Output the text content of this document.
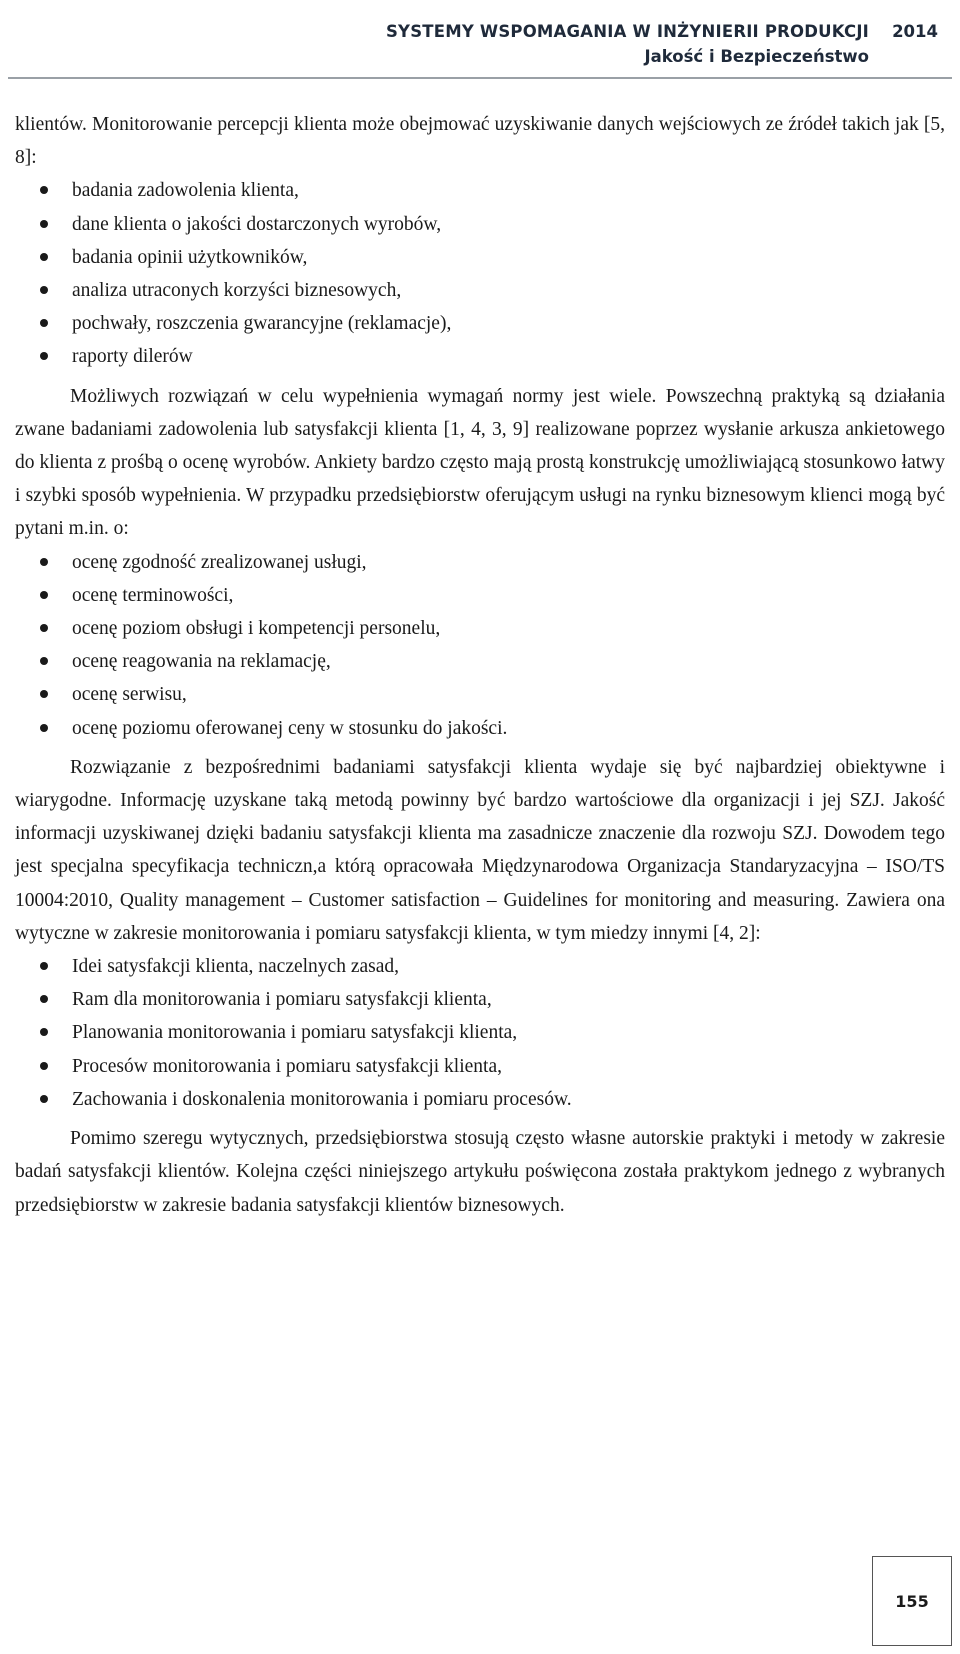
SYSTEMY WSPOMAGANIA W INŻYNIERII PRODUKCJI 2014
Jakość i Bezpieczeństwo

klientów. Monitorowanie percepcji klienta może obejmować uzyskiwanie danych wejściowych ze źródeł takich jak [5, 8]:

badania zadowolenia klienta,
dane klienta o jakości dostarczonych wyrobów,
badania opinii użytkowników,
analiza utraconych korzyści biznesowych,
pochwały, roszczenia gwarancyjne (reklamacje),
raporty dilerów

Możliwych rozwiązań w celu wypełnienia wymagań normy jest wiele. Powszechną praktyką są działania zwane badaniami zadowolenia lub satysfakcji klienta [1, 4, 3, 9] realizowane poprzez wysłanie arkusza ankietowego do klienta z prośbą o ocenę wyrobów. Ankiety bardzo często mają prostą konstrukcję umożliwiającą stosunkowo łatwy i szybki sposób wypełnienia. W przypadku przedsiębiorstw oferującym usługi na rynku biznesowym klienci mogą być pytani m.in. o:

ocenę zgodność zrealizowanej usługi,
ocenę terminowości,
ocenę poziom obsługi i kompetencji personelu,
ocenę reagowania na reklamację,
ocenę serwisu,
ocenę poziomu oferowanej ceny w stosunku do jakości.

Rozwiązanie z bezpośrednimi badaniami satysfakcji klienta wydaje się być najbardziej obiektywne i wiarygodne. Informację uzyskane taką metodą powinny być bardzo wartościowe dla organizacji i jej SZJ. Jakość informacji uzyskiwanej dzięki badaniu satysfakcji klienta ma zasadnicze znaczenie dla rozwoju SZJ. Dowodem tego jest specjalna specyfikacja techniczn,a którą opracowała Międzynarodowa Organizacja Standaryzacyjna – ISO/TS 10004:2010, Quality management – Customer satisfaction – Guidelines for monitoring and measuring. Zawiera ona wytyczne w zakresie monitorowania i pomiaru satysfakcji klienta, w tym miedzy innymi [4, 2]:

Idei satysfakcji klienta, naczelnych zasad,
Ram dla monitorowania i pomiaru satysfakcji klienta,
Planowania monitorowania i pomiaru satysfakcji klienta,
Procesów monitorowania i pomiaru satysfakcji klienta,
Zachowania i doskonalenia monitorowania i pomiaru procesów.

Pomimo szeregu wytycznych, przedsiębiorstwa stosują często własne autorskie praktyki i metody w zakresie badań satysfakcji klientów. Kolejna części niniejszego artykułu poświęcona została praktykom jednego z wybranych przedsiębiorstw w zakresie badania satysfakcji klientów biznesowych.

155
